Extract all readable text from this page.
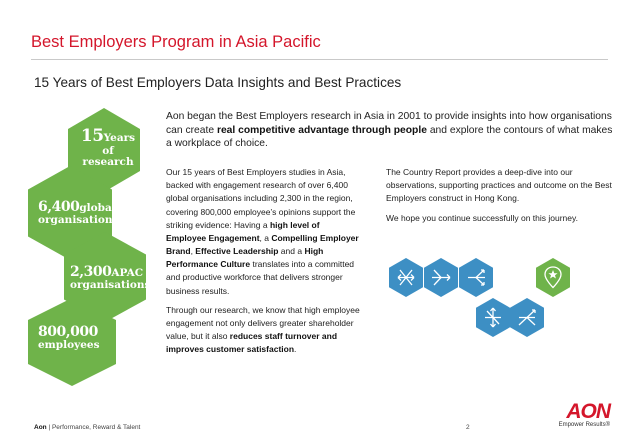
Best Employers Program in Asia Pacific
15 Years of Best Employers Data Insights and Best Practices
15Years
of
research
6,400global
organisations
2,300APAC
organisations
800,000
employees
Aon began the Best Employers research in Asia in 2001 to provide insights into how organisations can create real competitive advantage through people and explore the contours of what makes a workplace of choice.

Our 15 years of Best Employers studies in Asia, backed with engagement research of over 6,400 global organisations including 2,300 in the region, covering 800,000 employee’s opinions support the striking evidence: Having a high level of Employee Engagement, a Compelling Employer Brand, Effective Leadership and a High Performance Culture translates into a committed and productive workforce that delivers stronger business results.

Through our research, we know that high employee engagement not only delivers greater shareholder value, but it also reduces staff turnover and improves customer satisfaction.

The Country Report provides a deep-dive into our observations, supporting practices and outcome on the Best Employers construct in Hong Kong.

We hope you continue successfully on this journey.

Aon | Performance, Reward & Talent	2
AON
Empower Results®
